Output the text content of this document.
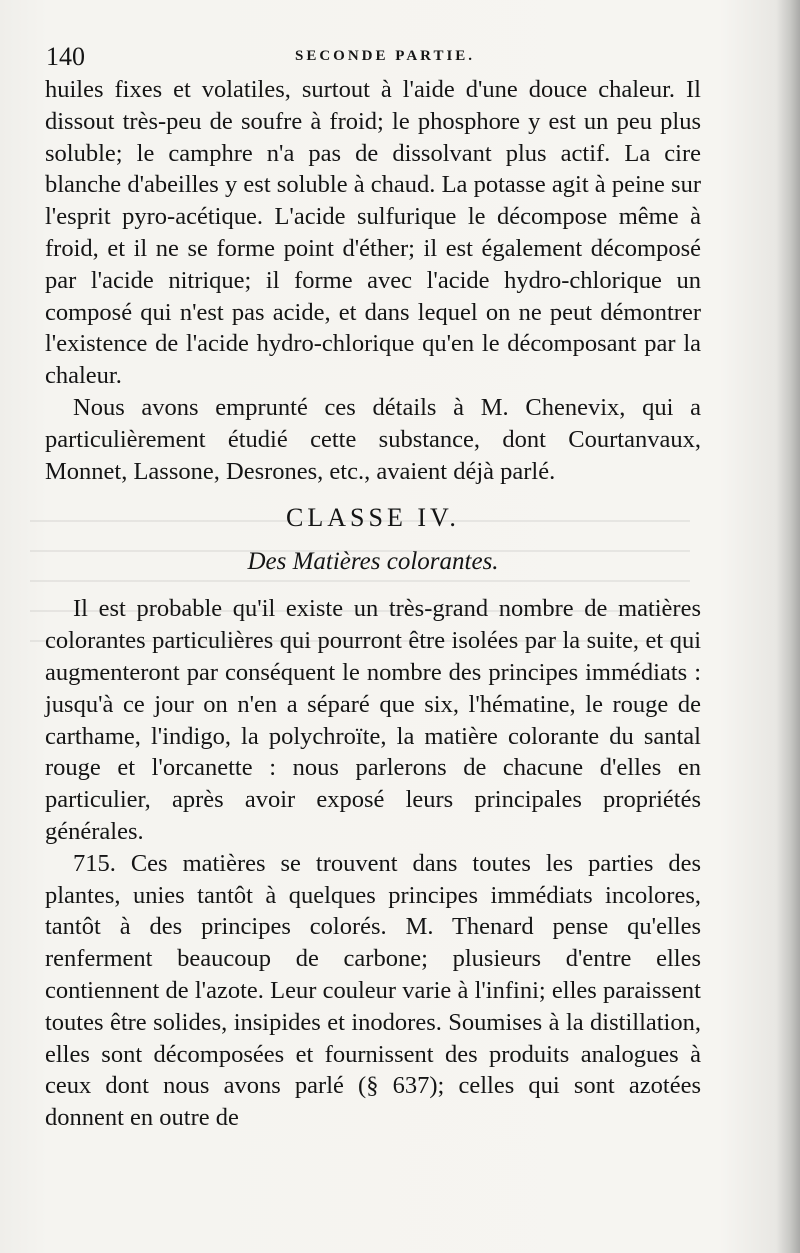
140	SECONDE PARTIE.

huiles fixes et volatiles, surtout à l'aide d'une douce chaleur. Il dissout très-peu de soufre à froid; le phosphore y est un peu plus soluble; le camphre n'a pas de dissolvant plus actif. La cire blanche d'abeilles y est soluble à chaud. La potasse agit à peine sur l'esprit pyro-acétique. L'acide sulfurique le décompose même à froid, et il ne se forme point d'éther; il est également décomposé par l'acide nitrique; il forme avec l'acide hydro-chlorique un composé qui n'est pas acide, et dans lequel on ne peut démontrer l'existence de l'acide hydro-chlorique qu'en le décomposant par la chaleur.

Nous avons emprunté ces détails à M. Chenevix, qui a particulièrement étudié cette substance, dont Courtanvaux, Monnet, Lassone, Desrones, etc., avaient déjà parlé.

CLASSE IV.
Des Matières colorantes.

Il est probable qu'il existe un très-grand nombre de matières colorantes particulières qui pourront être isolées par la suite, et qui augmenteront par conséquent le nombre des principes immédiats : jusqu'à ce jour on n'en a séparé que six, l'hématine, le rouge de carthame, l'indigo, la polychroïte, la matière colorante du santal rouge et l'orcanette : nous parlerons de chacune d'elles en particulier, après avoir exposé leurs principales propriétés générales.

715. Ces matières se trouvent dans toutes les parties des plantes, unies tantôt à quelques principes immédiats incolores, tantôt à des principes colorés. M. Thenard pense qu'elles renferment beaucoup de carbone; plusieurs d'entre elles contiennent de l'azote. Leur couleur varie à l'infini; elles paraissent toutes être solides, insipides et inodores. Soumises à la distillation, elles sont décomposées et fournissent des produits analogues à ceux dont nous avons parlé (§ 637); celles qui sont azotées donnent en outre de
